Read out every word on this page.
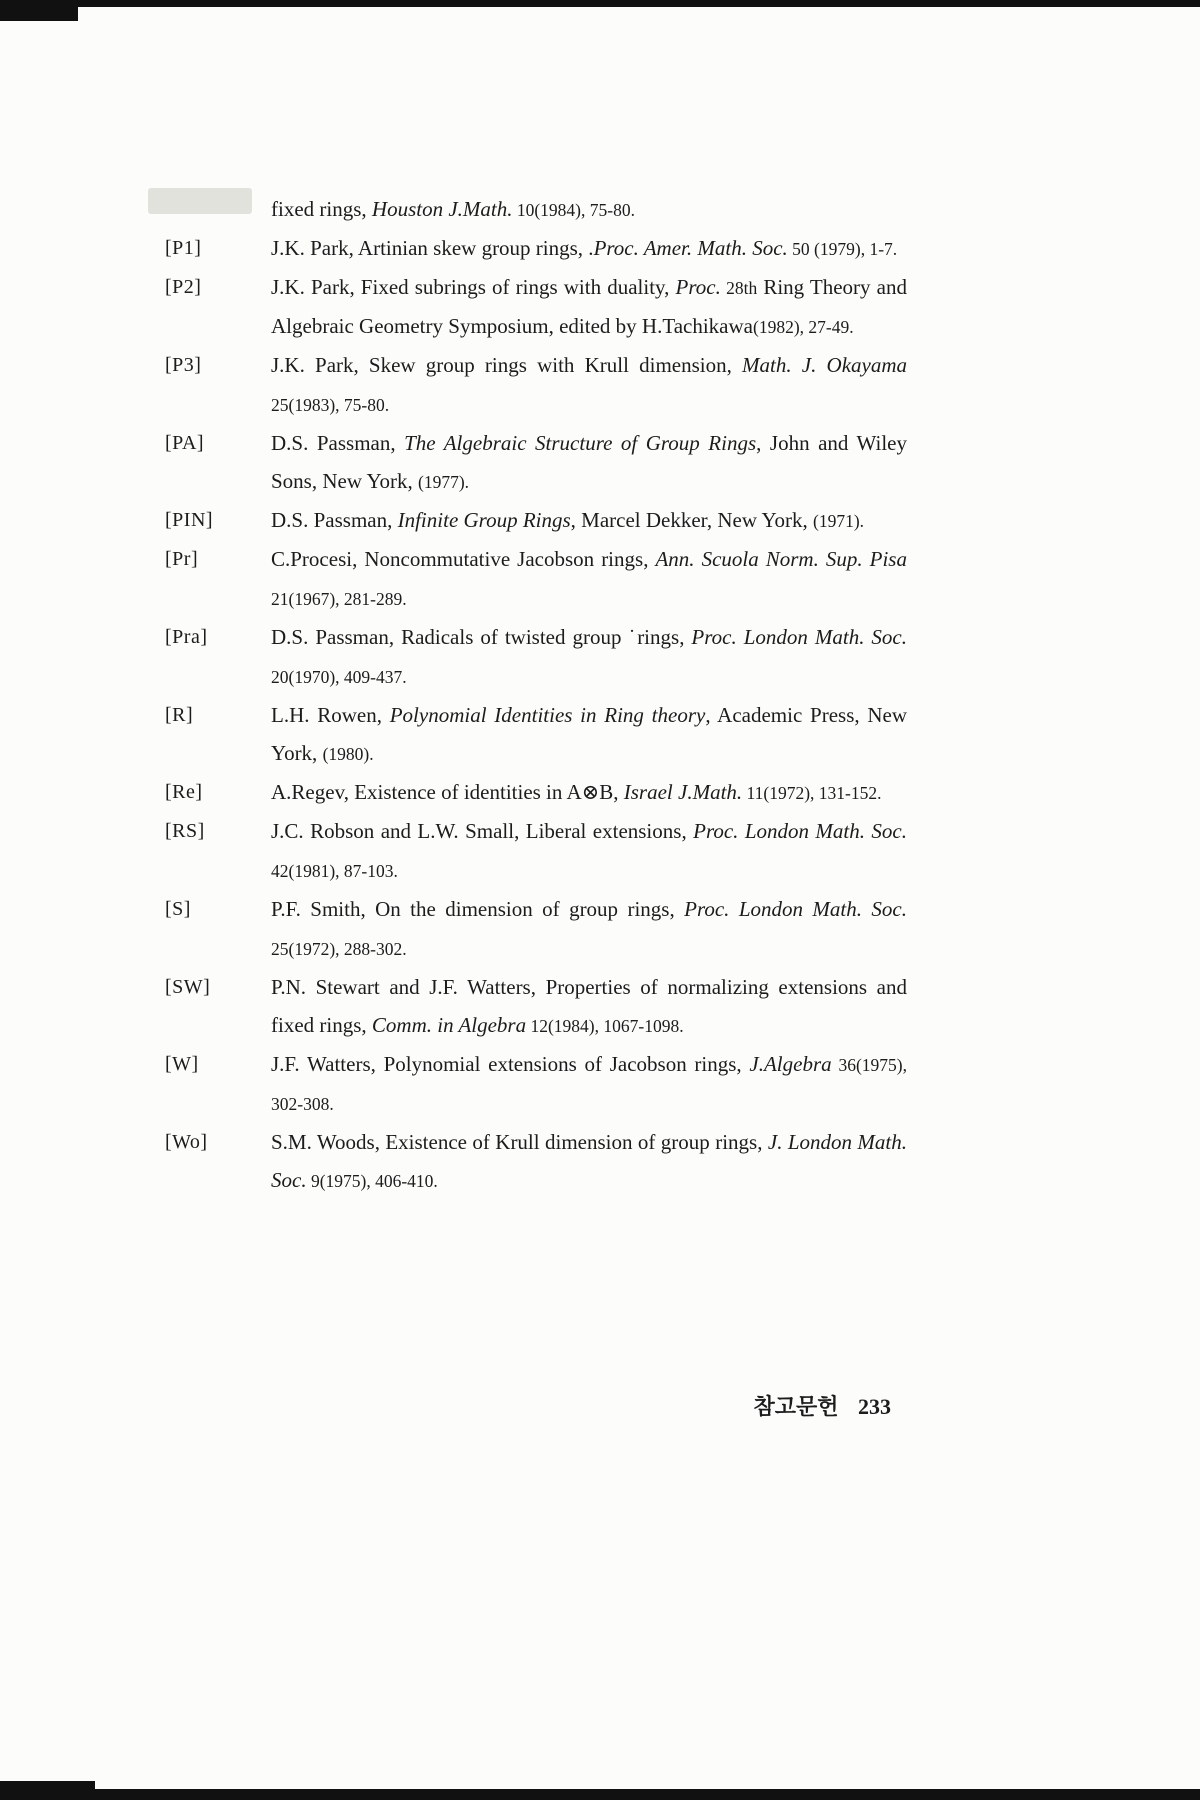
fixed rings, Houston J.Math. 10(1984), 75-80.
[P1]	J.K. Park, Artinian skew group rings, .Proc. Amer. Math. Soc. 50 (1979), 1-7.
[P2]	J.K. Park, Fixed subrings of rings with duality, Proc. 28th Ring Theory and Algebraic Geometry Symposium, edited by H.Tachikawa(1982), 27-49.
[P3]	J.K. Park, Skew group rings with Krull dimension, Math. J. Okayama 25(1983), 75-80.
[PA]	D.S. Passman, The Algebraic Structure of Group Rings, John and Wiley Sons, New York, (1977).
[PIN]	D.S. Passman, Infinite Group Rings, Marcel Dekker, New York, (1971).
[Pr]	C.Procesi, Noncommutative Jacobson rings, Ann. Scuola Norm. Sup. Pisa 21(1967), 281-289.
[Pra]	D.S. Passman, Radicals of twisted group ˙rings, Proc. London Math. Soc. 20(1970), 409-437.
[R]	L.H. Rowen, Polynomial Identities in Ring theory, Academic Press, New York, (1980).
[Re]	A.Regev, Existence of identities in A⊗B, Israel J.Math. 11(1972), 131-152.
[RS]	J.C. Robson and L.W. Small, Liberal extensions, Proc. London Math. Soc. 42(1981), 87-103.
[S]	P.F. Smith, On the dimension of group rings, Proc. London Math. Soc. 25(1972), 288-302.
[SW]	P.N. Stewart and J.F. Watters, Properties of normalizing extensions and fixed rings, Comm. in Algebra 12(1984), 1067-1098.
[W]	J.F. Watters, Polynomial extensions of Jacobson rings, J.Algebra 36(1975), 302-308.
[Wo]	S.M. Woods, Existence of Krull dimension of group rings, J. London Math. Soc. 9(1975), 406-410.
참고문헌 233
